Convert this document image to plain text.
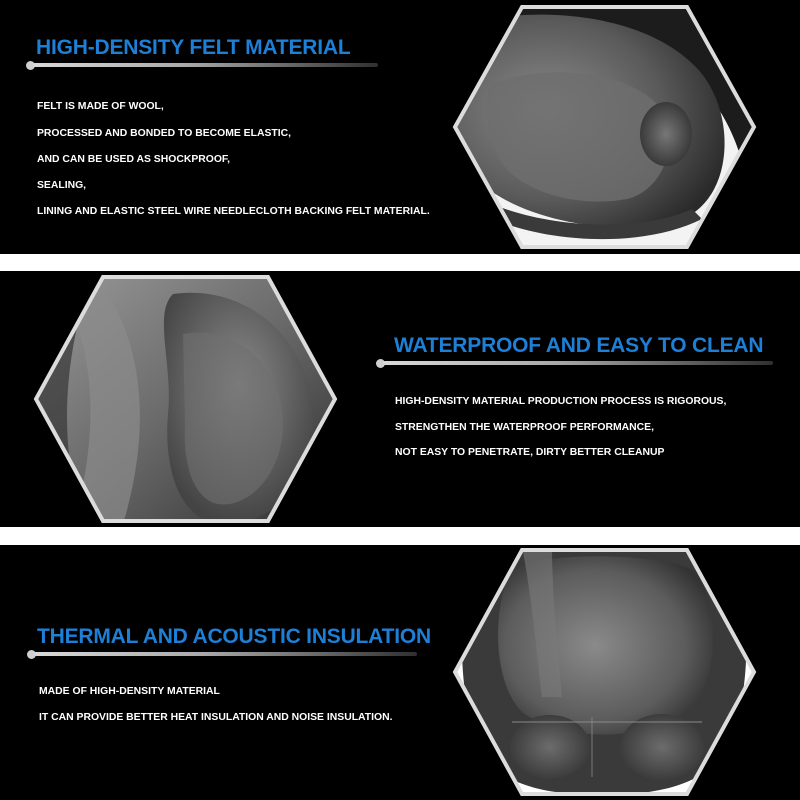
HIGH-DENSITY FELT MATERIAL

FELT IS MADE OF WOOL,

PROCESSED AND BONDED TO BECOME ELASTIC,

AND CAN BE USED AS SHOCKPROOF,

SEALING,

LINING AND ELASTIC STEEL WIRE NEEDLECLOTH BACKING FELT MATERIAL.

WATERPROOF AND EASY TO CLEAN

HIGH-DENSITY MATERIAL PRODUCTION PROCESS IS RIGOROUS,

STRENGTHEN THE WATERPROOF PERFORMANCE,

NOT EASY TO PENETRATE, DIRTY BETTER CLEANUP

THERMAL AND ACOUSTIC INSULATION

MADE OF HIGH-DENSITY MATERIAL

IT CAN PROVIDE BETTER HEAT INSULATION AND NOISE INSULATION.
